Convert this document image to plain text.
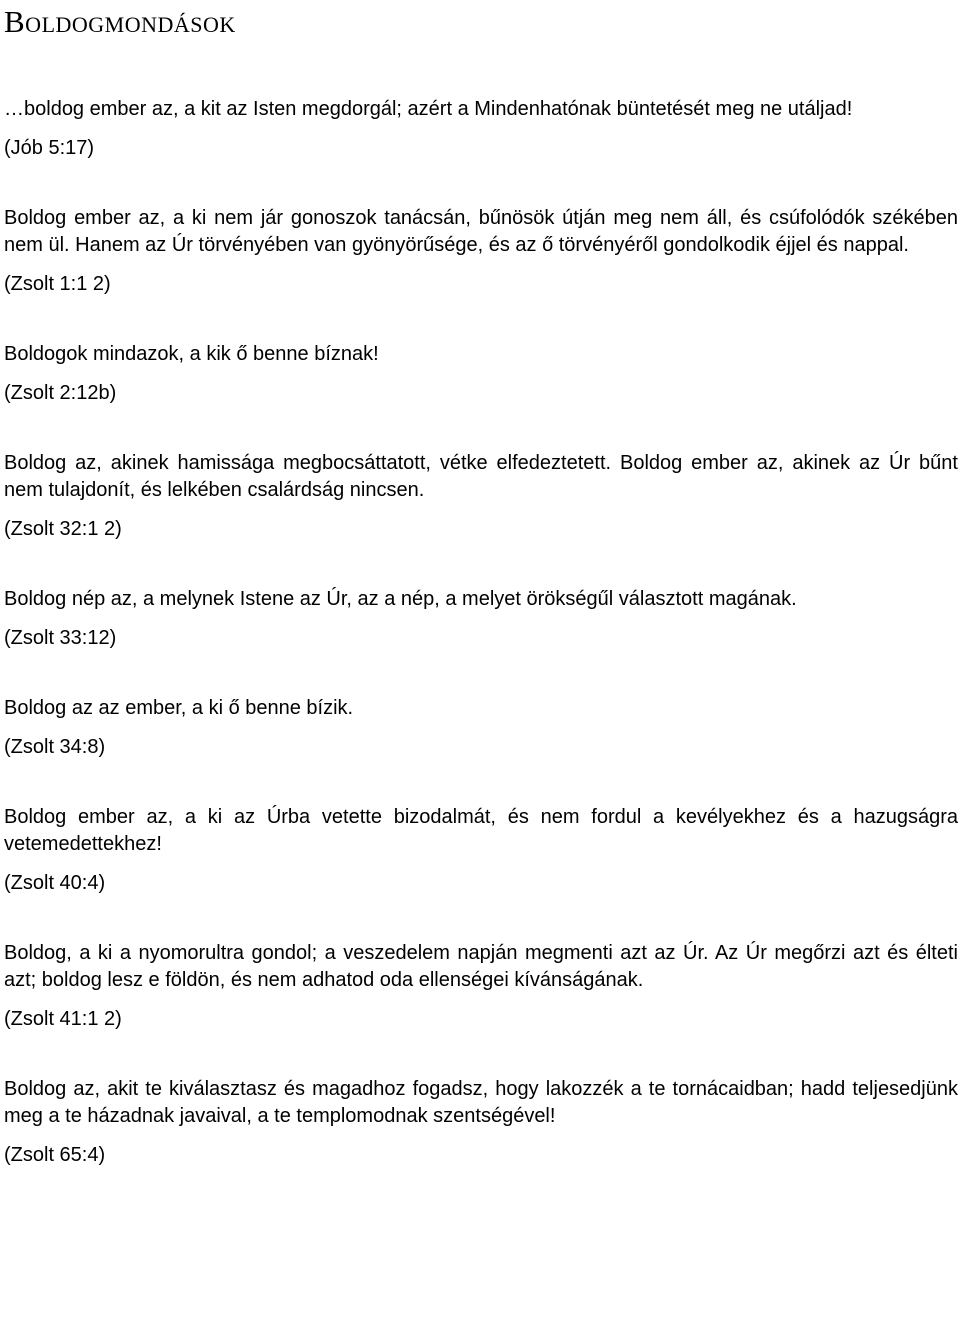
Boldogmondások

…boldog ember az, a kit az Isten megdorgál; azért a Mindenhatónak büntetését meg ne utáljad!

(Jób 5:17)

Boldog ember az, a ki nem jár gonoszok tanácsán, bűnösök útján meg nem áll, és csúfolódók székében nem ül. Hanem az Úr törvényében van gyönyörűsége, és az ő törvényéről gondolkodik éjjel és nappal.

(Zsolt 1:1 2)

Boldogok mindazok, a kik ő benne bíznak!

(Zsolt 2:12b)

Boldog az, akinek hamissága megbocsáttatott, vétke elfedeztetett. Boldog ember az, akinek az Úr bűnt nem tulajdonít, és lelkében csalárdság nincsen.

(Zsolt 32:1 2)

Boldog nép az, a melynek Istene az Úr, az a nép, a melyet örökségűl választott magának.

(Zsolt 33:12)

Boldog az az ember, a ki ő benne bízik.

(Zsolt 34:8)

Boldog ember az, a ki az Úrba vetette bizodalmát, és nem fordul a kevélyekhez és a hazugságra vetemedettekhez!

(Zsolt 40:4)

Boldog, a ki a nyomorultra gondol; a veszedelem napján megmenti azt az Úr. Az Úr megőrzi azt és élteti azt; boldog lesz e földön, és nem adhatod oda ellenségei kívánságának.

(Zsolt 41:1 2)

Boldog az, akit te kiválasztasz és magadhoz fogadsz, hogy lakozzék a te tornácaidban; hadd teljesedjünk meg a te házadnak javaival, a te templomodnak szentségével!

(Zsolt 65:4)
